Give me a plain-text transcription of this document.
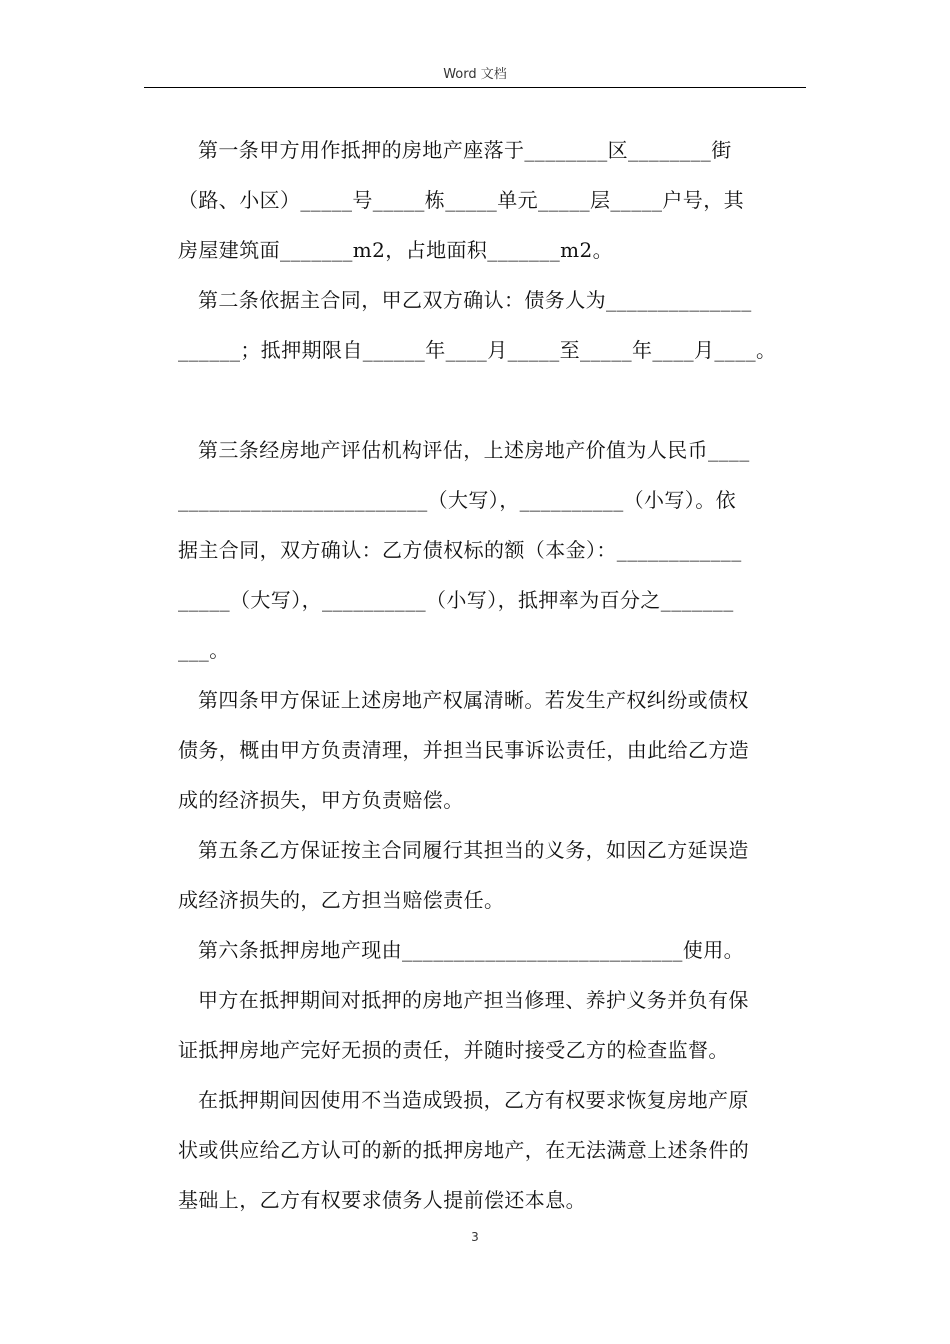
Word 文档
第一条甲方用作抵押的房地产座落于________区________街
（路、小区）_____号_____栋_____单元_____层_____户号，其
房屋建筑面_______m2，占地面积_______m2。
第二条依据主合同，甲乙双方确认：债务人为______________
______；抵押期限自______年____月_____至_____年____月____。
第三条经房地产评估机构评估，上述房地产价值为人民币____
________________________（大写），__________（小写）。依
据主合同，双方确认：乙方债权标的额（本金）：____________
_____（大写），__________（小写），抵押率为百分之_______
___。
第四条甲方保证上述房地产权属清晰。若发生产权纠纷或债权
债务，概由甲方负责清理，并担当民事诉讼责任，由此给乙方造
成的经济损失，甲方负责赔偿。
第五条乙方保证按主合同履行其担当的义务，如因乙方延误造
成经济损失的，乙方担当赔偿责任。
第六条抵押房地产现由___________________________使用。
甲方在抵押期间对抵押的房地产担当修理、养护义务并负有保
证抵押房地产完好无损的责任，并随时接受乙方的检查监督。
在抵押期间因使用不当造成毁损，乙方有权要求恢复房地产原
状或供应给乙方认可的新的抵押房地产，在无法满意上述条件的
基础上，乙方有权要求债务人提前偿还本息。
3
